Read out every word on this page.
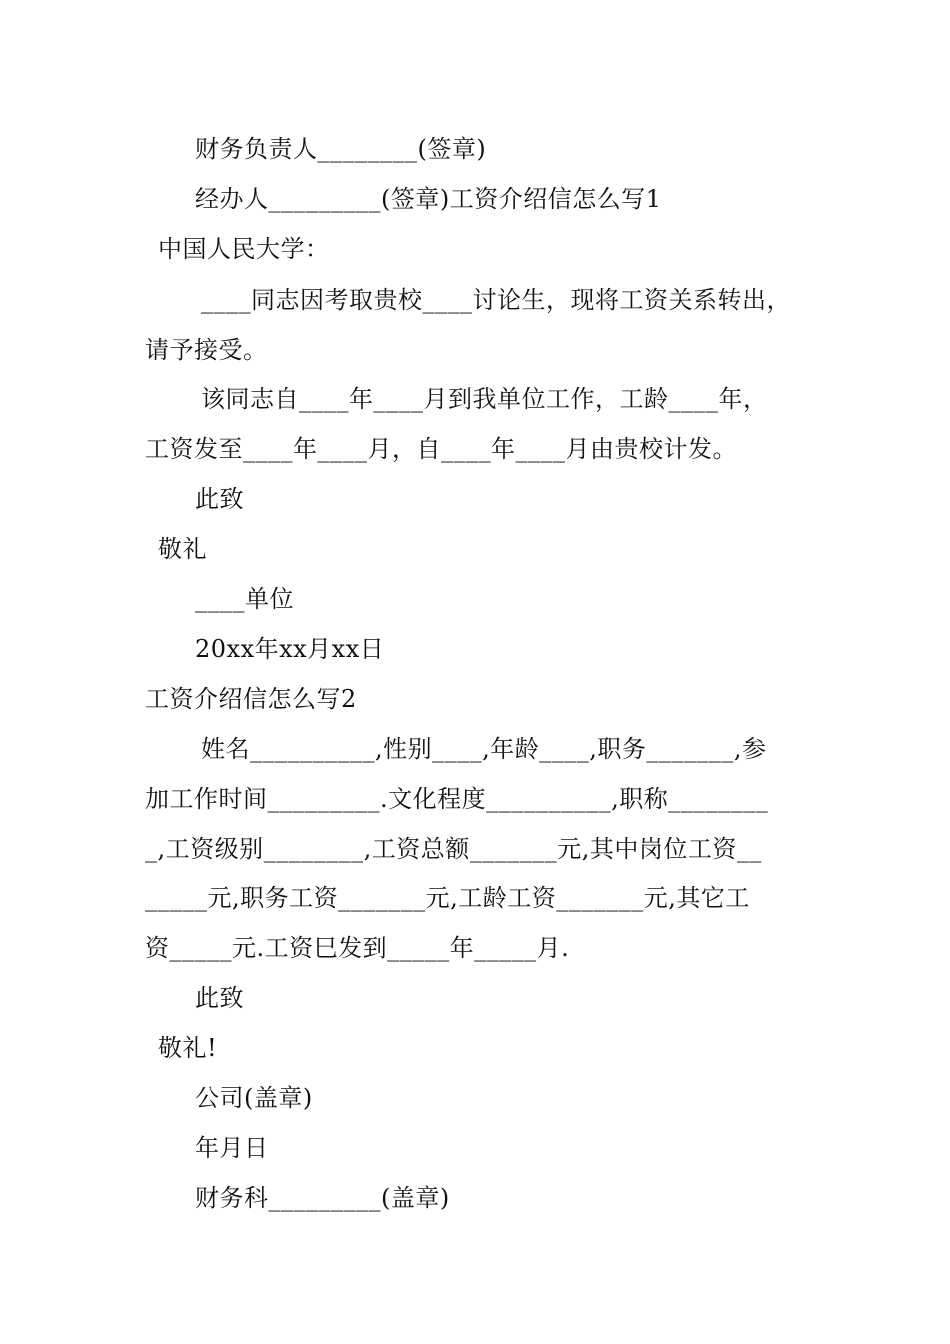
财务负责人________(签章)
经办人_________(签章)工资介绍信怎么写1
中国人民大学：
____同志因考取贵校____讨论生，现将工资关系转出，
请予接受。
该同志自____年____月到我单位工作，工龄____年，
工资发至____年____月，自____年____月由贵校计发。
此致
敬礼
____单位
20xx年xx月xx日
工资介绍信怎么写2
姓名__________,性别____,年龄____,职务_______,参
加工作时间_________.文化程度__________,职称________
_,工资级别________,工资总额_______元,其中岗位工资__
_____元,职务工资_______元,工龄工资_______元,其它工
资_____元.工资巳发到_____年_____月.
此致
敬礼!
公司(盖章)
年月日
财务科_________(盖章)
